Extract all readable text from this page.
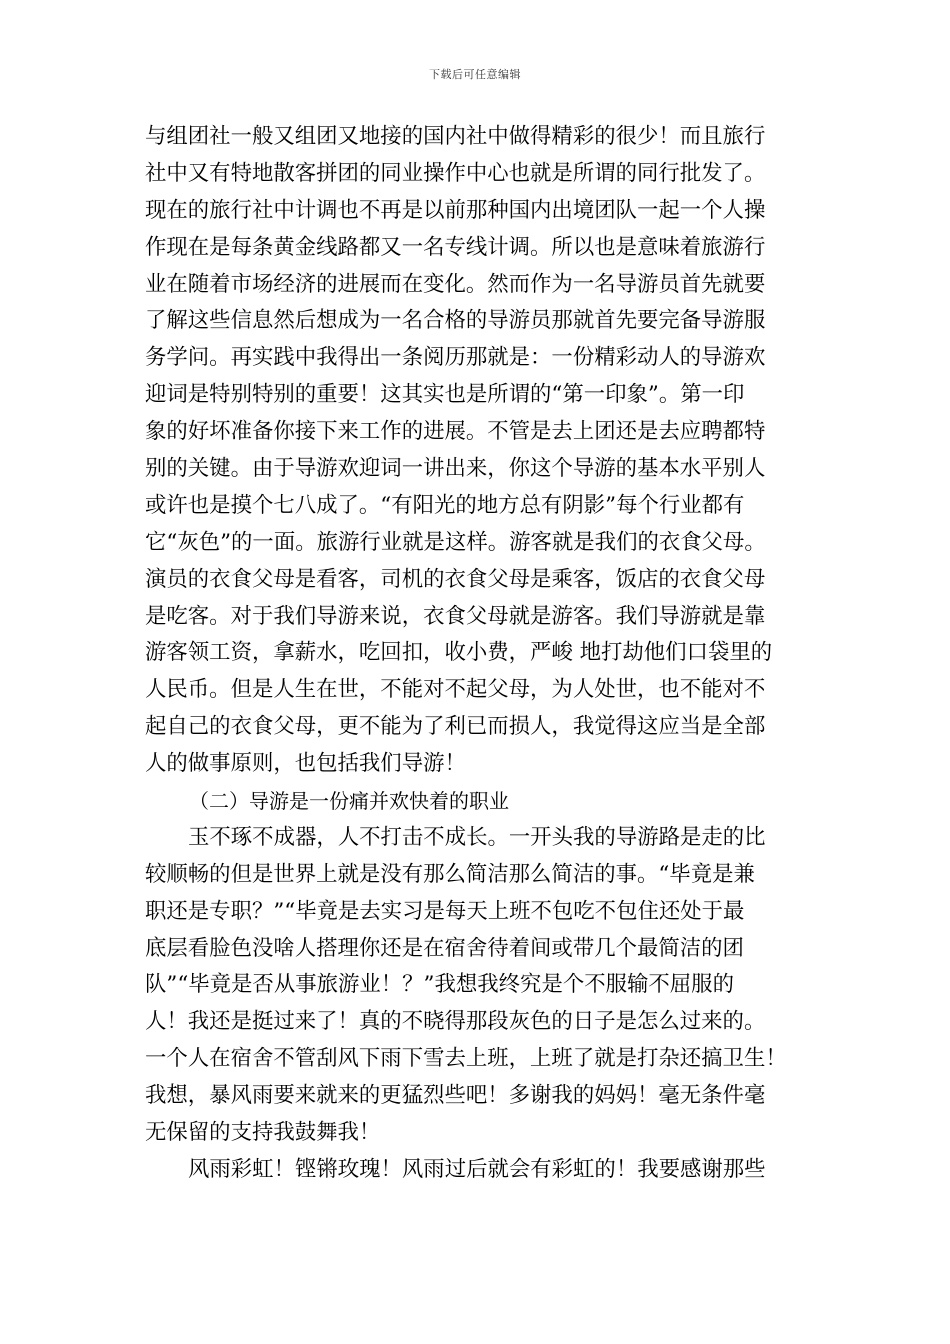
下载后可任意编辑
与组团社一般又组团又地接的国内社中做得精彩的很少！而且旅行
社中又有特地散客拼团的同业操作中心也就是所谓的同行批发了。
现在的旅行社中计调也不再是以前那种国内出境团队一起一个人操
作现在是每条黄金线路都又一名专线计调。所以也是意味着旅游行
业在随着市场经济的进展而在变化。然而作为一名导游员首先就要
了解这些信息然后想成为一名合格的导游员那就首先要完备导游服
务学问。再实践中我得出一条阅历那就是：一份精彩动人的导游欢
迎词是特别特别的重要！这其实也是所谓的“第一印象”。第一印
象的好坏准备你接下来工作的进展。不管是去上团还是去应聘都特
别的关键。由于导游欢迎词一讲出来，你这个导游的基本水平别人
或许也是摸个七八成了。“有阳光的地方总有阴影”每个行业都有
它“灰色”的一面。旅游行业就是这样。游客就是我们的衣食父母。
演员的衣食父母是看客，司机的衣食父母是乘客，饭店的衣食父母
是吃客。对于我们导游来说，衣食父母就是游客。我们导游就是靠
游客领工资，拿薪水，吃回扣，收小费，严峻 地打劫他们口袋里的
人民币。但是人生在世，不能对不起父母，为人处世，也不能对不
起自己的衣食父母，更不能为了利已而损人，我觉得这应当是全部
人的做事原则，也包括我们导游！
（二）导游是一份痛并欢快着的职业
玉不琢不成器，人不打击不成长。一开头我的导游路是走的比
较顺畅的但是世界上就是没有那么简洁那么简洁的事。“毕竟是兼
职还是专职？”“毕竟是去实习是每天上班不包吃不包住还处于最
底层看脸色没啥人搭理你还是在宿舍待着间或带几个最简洁的团
队”“毕竟是否从事旅游业！？”我想我终究是个不服输不屈服的
人！我还是挺过来了！真的不晓得那段灰色的日子是怎么过来的。
一个人在宿舍不管刮风下雨下雪去上班，上班了就是打杂还搞卫生！
我想，暴风雨要来就来的更猛烈些吧！多谢我的妈妈！毫无条件毫
无保留的支持我鼓舞我！
风雨彩虹！铿锵玫瑰！风雨过后就会有彩虹的！我要感谢那些
